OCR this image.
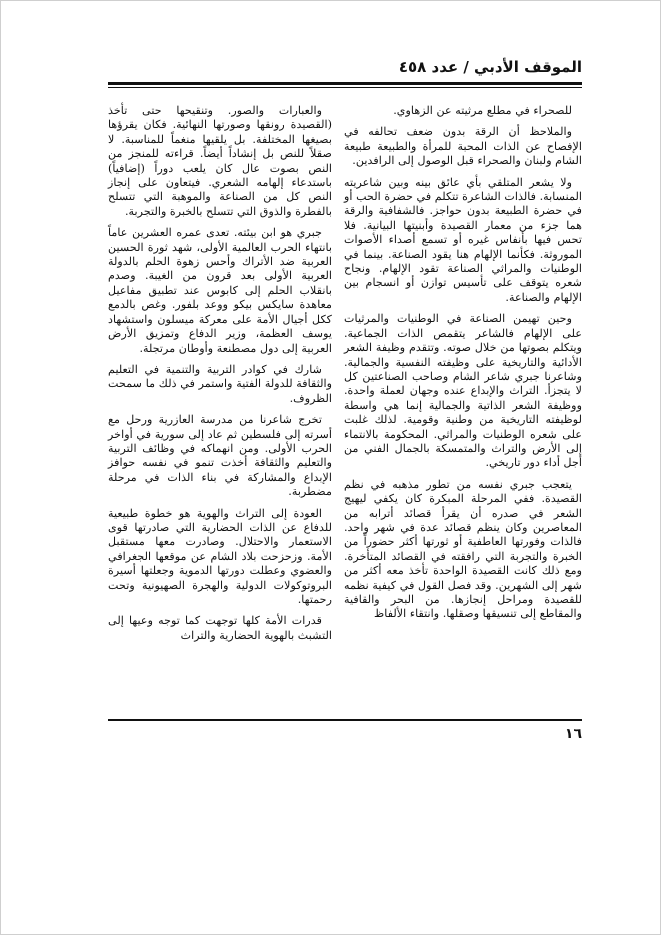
الموقف الأدبي / عدد ٤٥٨

للصحراء في مطلع مرثيته عن الزهاوي.

والملاحظ أن الرقة بدون ضعف تحالفه في الإفصاح عن الذات المحبة للمرأة والطبيعة طبيعة الشام ولبنان والصحراء قبل الوصول إلى الرافدين.

ولا يشعر المتلقي بأي عائق بينه وبين شاعريته المنسابة. فالذات الشاعرة تتكلم في حضرة الحب أو في حضرة الطبيعة بدون حواجز. فالشفافية والرقة هما جزء من معمار القصيدة وأبنيتها البيانية. فلا تحس فيها بأنفاس غيره أو تسمع أصداء الأصوات الموروثة. فكأنما الإلهام هنا يقود الصناعة. بينما في الوطنيات والمراثي الصناعة تقود الإلهام. ونجاح شعره يتوقف على تأسيس توازن أو انسجام بين الإلهام والصناعة.

وحين تهيمن الصناعة في الوطنيات والمرثيات على الإلهام فالشاعر يتقمص الذات الجماعية. ويتكلم بصوتها من خلال صوته. وتتقدم وظيفة الشعر الأدائية والتاريخية على وظيفته النفسية والجمالية. وشاعرنا جبري شاعر الشام وصاحب الصناعتين كل لا يتجزأ. التراث والإبداع عنده وجهان لعملة واحدة. ووظيفة الشعر الذاتية والجمالية إنما هي واسطة لوظيفته التاريخية من وطنية وقومية. لذلك غلبت على شعره الوطنيات والمراثي. المحكومة بالانتماء إلى الأرض والتراث والمتمسكة بالجمال الفني من أجل أداء دور تاريخي.

يتعجب جبري نفسه من تطور مذهبه في نظم القصيدة. ففي المرحلة المبكرة كان يكفي ليهيج الشعر في صدره أن يقرأ قصائد أترابه من المعاصرين وكان ينظم قصائد عدة في شهر واحد. فالذات وفورتها العاطفية أو ثورتها أكثر حضوراً من الخبرة والتجربة التي رافقته في القصائد المتأخرة. ومع ذلك كانت القصيدة الواحدة تأخذ معه أكثر من شهر إلى الشهرين. وقد فصل القول في كيفية نظمه للقصيدة ومراحل إنجازها. من البحر والقافية والمقاطع إلى تنسيقها وصقلها. وانتقاء الألفاظ

والعبارات والصور. وتنقيحها حتى تأخذ (القصيدة رونقها وصورتها النهائية. فكان يقرؤها بصيغها المختلفة. بل يلقيها منغماً للمناسبة. لا صقلاً للنص بل إنشاداً أيضاً. قراءته للمنجز من النص بصوت عال كان يلعب دوراً (إضافياً) باستدعاء إلهامه الشعري. فيتعاون على إنجاز النص كل من الصناعة والموهبة التي تتسلح بالفطرة والذوق التي تتسلح بالخبرة والتجربة.

جبري هو ابن بيئته. تعدى عمره العشرين عاماً بانتهاء الحرب العالمية الأولى، شهد ثورة الحسين العربية ضد الأتراك وأحس زهوة الحلم بالدولة العربية الأولى بعد قرون من الغيبة. وصدم بانقلاب الحلم إلى كابوس عند تطبيق مفاعيل معاهدة سايكس بيكو ووعد بلفور. وغص بالدمع ككل أجيال الأمة على معركة ميسلون واستشهاد يوسف العظمة، وزير الدفاع وتمزيق الأرض العربية إلى دول مصطنعة وأوطان مرتجلة.

شارك في كوادر التربية والتنمية في التعليم والثقافة للدولة الفتية واستمر في ذلك ما سمحت الظروف.

تخرج شاعرنا من مدرسة العازرية ورحل مع أسرته إلى فلسطين ثم عاد إلى سورية في أواخر الحرب الأولى. ومن انهماكه في وظائف التربية والتعليم والثقافة أخذت تنمو في نفسه حوافز الإبداع والمشاركة في بناء الذات في مرحلة مضطربة.

العودة إلى التراث والهوية هو خطوة طبيعية للدفاع عن الذات الحضارية التي صادرتها قوى الاستعمار والاحتلال. وصادرت معها مستقبل الأمة. وزحزحت بلاد الشام عن موقعها الجغرافي والعضوي وعطلت دورتها الدموية وجعلتها أسيرة البروتوكولات الدولية والهجرة الصهيونية وتحت رحمتها.

قدرات الأمة كلها توجهت كما توجه وعيها إلى التشبث بالهوية الحضارية والتراث

١٦
